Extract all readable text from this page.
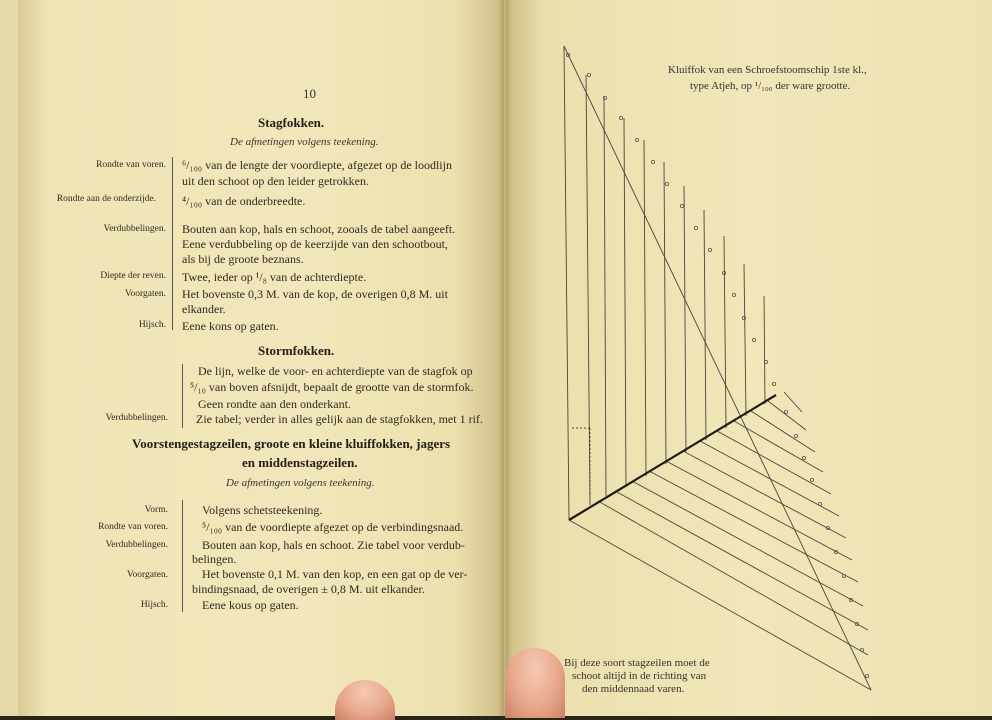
10
Stagfokken.
De afmetingen volgens teekening.
Rondte van voren. ⁶/₁₀₀ van de lengte der voordiepte, afgezet op de loodlijn
uit den schoot op den leider getrokken.
Rondte aan de onderzijde. ⁴/₁₀₀ van de onderbreedte.
Verdubbelingen. Bouten aan kop, hals en schoot, zooals de tabel aangeeft.
Eene verdubbeling op de keerzijde van den schootbout,
als bij de groote beznans.
Diepte der reven. Twee, ieder op ¹/₈ van de achterdiepte.
Voorgaten. Het bovenste 0,3 M. van de kop, de overigen 0,8 M. uit
elkander.
Hijsch. Eene kons op gaten.
Stormfokken.
De lijn, welke de voor- en achterdiepte van de stagfok op
⁵/₁₀ van boven afsnijdt, bepaalt de grootte van de stormfok.
Geen rondte aan den onderkant.
Verdubbelingen. Zie tabel; verder in alles gelijk aan de stagfokken, met 1 rif.
Voorstengestagzeilen, groote en kleine kluiffokken, jagers
en middenstagzeilen.
De afmetingen volgens teekening.
Vorm.	Volgens schetsteekening.
Rondte van voren.	⁵/₁₀₀ van de voordiepte afgezet op de verbindingsnaad.
Verdubbelingen.	Bouten aan kop, hals en schoot. Zie tabel voor verdub-
belingen.
Voorgaten.	Het bovenste 0,1 M. van den kop, en een gat op de ver-
bindingsnaad, de overigen ± 0,8 M. uit elkander.
Hijsch.	Eene kous op gaten.
Kluiffok van een Schroefstoomschip 1ste kl.,
type Atjeh, op ¹/₁₀₀ der ware grootte.
Bij deze soort stagzeilen moet de
schoot altijd in de richting van
den middennaad varen.
